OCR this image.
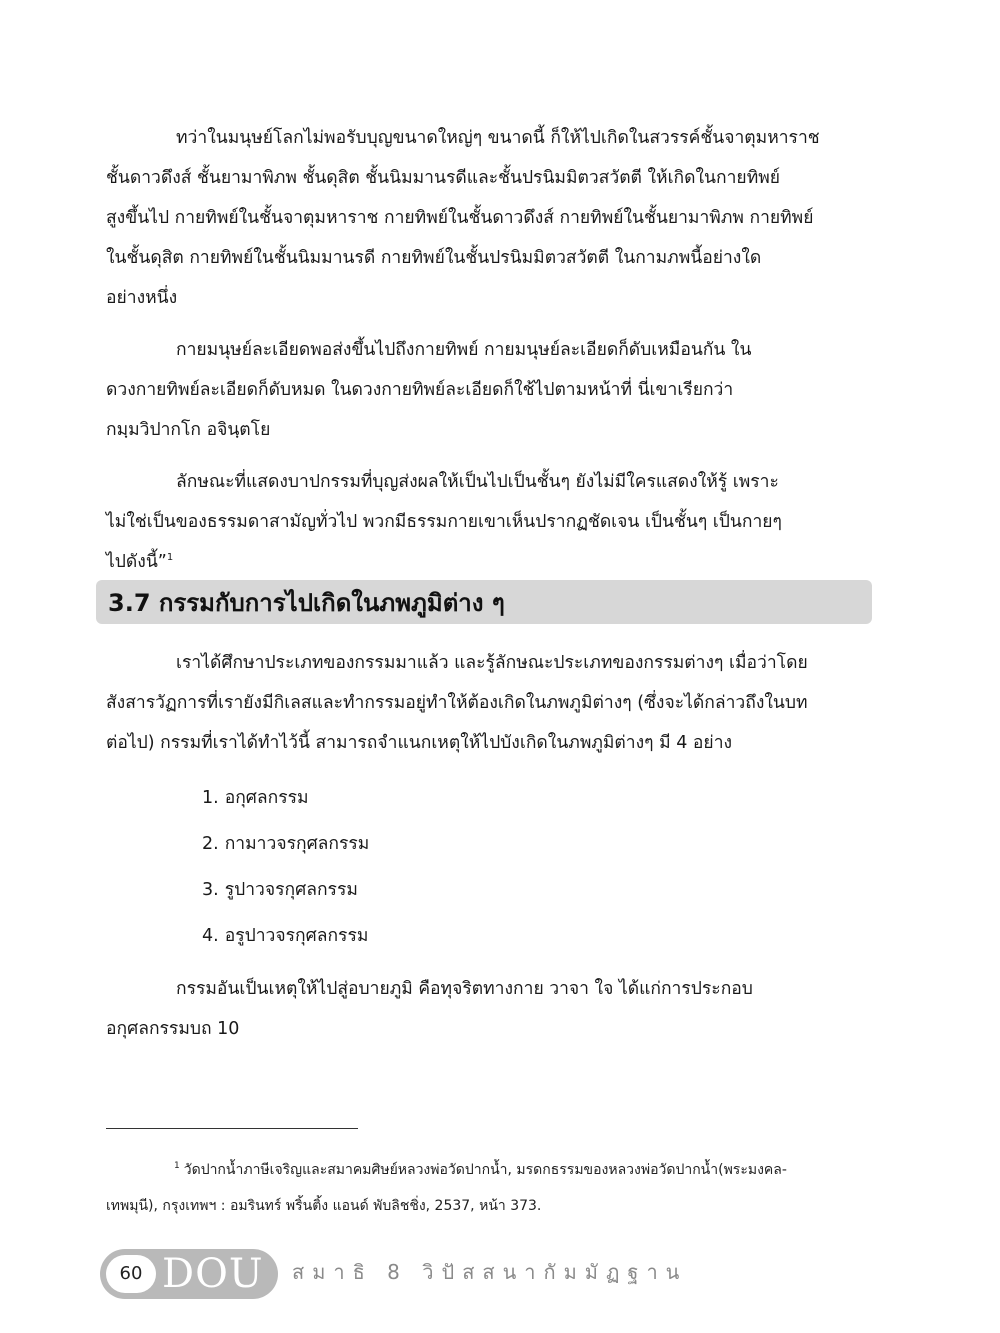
ทว่าในมนุษย์โลกไม่พอรับบุญขนาดใหญ่ๆ ขนาดนี้ ก็ให้ไปเกิดในสวรรค์ชั้นจาตุมหาราช
ชั้นดาวดึงส์ ชั้นยามาพิภพ ชั้นดุสิต ชั้นนิมมานรดีและชั้นปรนิมมิตวสวัตตี ให้เกิดในกายทิพย์
สูงขึ้นไป กายทิพย์ในชั้นจาตุมหาราช กายทิพย์ในชั้นดาวดึงส์ กายทิพย์ในชั้นยามาพิภพ กายทิพย์
ในชั้นดุสิต กายทิพย์ในชั้นนิมมานรดี กายทิพย์ในชั้นปรนิมมิตวสวัตตี ในกามภพนี้อย่างใด
อย่างหนึ่ง
กายมนุษย์ละเอียดพอส่งขึ้นไปถึงกายทิพย์ กายมนุษย์ละเอียดก็ดับเหมือนกัน ใน
ดวงกายทิพย์ละเอียดก็ดับหมด ในดวงกายทิพย์ละเอียดก็ใช้ไปตามหน้าที่ นี่เขาเรียกว่า
กมฺมวิปากโก อจินฺตโย
ลักษณะที่แสดงบาปกรรมที่บุญส่งผลให้เป็นไปเป็นชั้นๆ ยังไม่มีใครแสดงให้รู้ เพราะ
ไม่ใช่เป็นของธรรมดาสามัญทั่วไป พวกมีธรรมกายเขาเห็นปรากฏชัดเจน เป็นชั้นๆ เป็นกายๆ
ไปดังนี้”$^1$
3.7 กรรมกับการไปเกิดในภพภูมิต่าง ๆ
เราได้ศึกษาประเภทของกรรมมาแล้ว และรู้ลักษณะประเภทของกรรมต่างๆ เมื่อว่าโดย
สังสารวัฏการที่เรายังมีกิเลสและทำกรรมอยู่ทำให้ต้องเกิดในภพภูมิต่างๆ (ซึ่งจะได้กล่าวถึงในบท
ต่อไป) กรรมที่เราได้ทำไว้นี้ สามารถจำแนกเหตุให้ไปบังเกิดในภพภูมิต่างๆ มี 4 อย่าง
1. อกุศลกรรม
2. กามาวจรกุศลกรรม
3. รูปาวจรกุศลกรรม
4. อรูปาวจรกุศลกรรม
กรรมอันเป็นเหตุให้ไปสู่อบายภูมิ คือทุจริตทางกาย วาจา ใจ ได้แก่การประกอบ
อกุศลกรรมบถ 10
$^1$ วัดปากน้ำภาษีเจริญและสมาคมศิษย์หลวงพ่อวัดปากน้ำ, มรดกธรรมของหลวงพ่อวัดปากน้ำ(พระมงคล-
เทพมุนี), กรุงเทพฯ : อมรินทร์ พริ้นติ้ง แอนด์ พับลิชชิ่ง, 2537, หน้า 373.
60 DOU สมาธิ 8 วิปัสสนากัมมัฏฐาน
